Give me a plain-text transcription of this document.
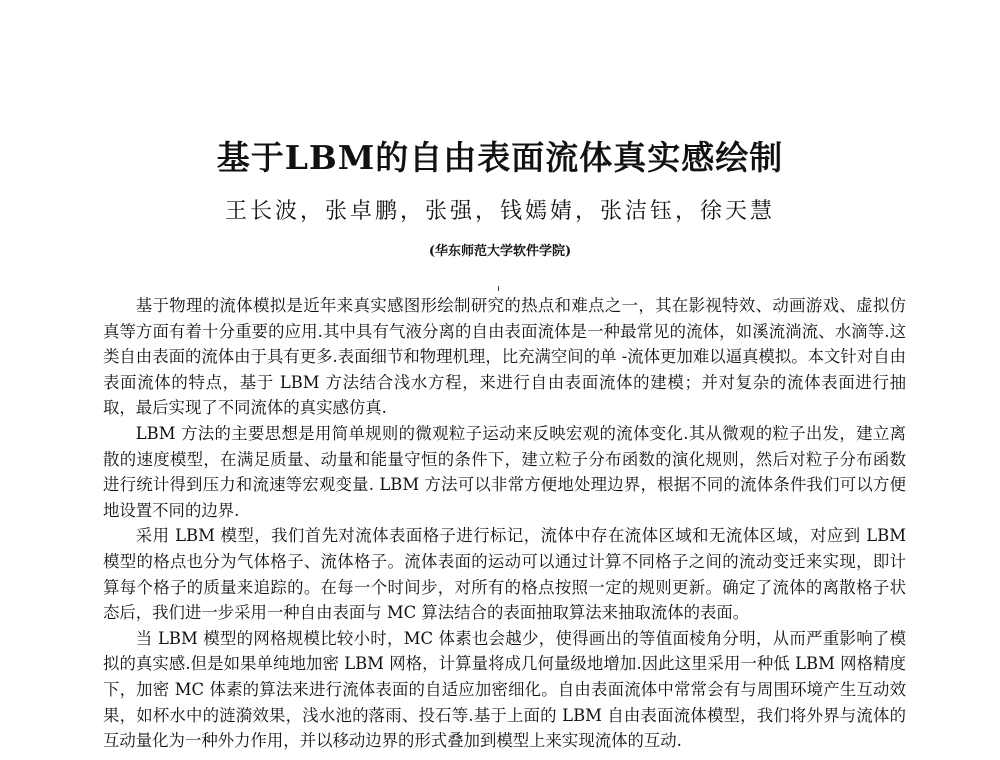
基于LBM的自由表面流体真实感绘制
王长波，张卓鹏，张强，钱嫣婧，张洁钰，徐天慧
(华东师范大学软件学院)

基于物理的流体模拟是近年来真实感图形绘制研究的热点和难点之一，其在影视特效、动画游戏、虚拟仿真等方面有着十分重要的应用.其中具有气液分离的自由表面流体是一种最常见的流体，如溪流淌流、水滴等.这类自由表面的流体由于具有更多.表面细节和物理机理，比充满空间的单 -流体更加难以逼真模拟。本文针对自由表面流体的特点，基于 LBM 方法结合浅水方程，来进行自由表面流体的建模；并对复杂的流体表面进行抽取，最后实现了不同流体的真实感仿真.

LBM 方法的主要思想是用简单规则的微观粒子运动来反映宏观的流体变化.其从微观的粒子出发，建立离散的速度模型，在满足质量、动量和能量守恒的条件下，建立粒子分布函数的演化规则，然后对粒子分布函数进行统计得到压力和流速等宏观变量. LBM 方法可以非常方便地处理边界，根据不同的流体条件我们可以方便地设置不同的边界.

采用 LBM 模型，我们首先对流体表面格子进行标记，流体中存在流体区域和无流体区域，对应到 LBM 模型的格点也分为气体格子、流体格子。流体表面的运动可以通过计算不同格子之间的流动变迁来实现，即计算每个格子的质量来追踪的。在每一个时间步，对所有的格点按照一定的规则更新。确定了流体的离散格子状态后，我们进一步采用一种自由表面与 MC 算法结合的表面抽取算法来抽取流体的表面。

当 LBM 模型的网格规模比较小时，MC 体素也会越少，使得画出的等值面棱角分明，从而严重影响了模拟的真实感.但是如果单纯地加密 LBM 网格，计算量将成几何量级地增加.因此这里采用一种低 LBM 网格精度下，加密 MC 体素的算法来进行流体表面的自适应加密细化。自由表面流体中常常会有与周围环境产生互动效果，如杯水中的涟漪效果，浅水池的落雨、投石等.基于上面的 LBM 自由表面流体模型，我们将外界与流体的互动量化为一种外力作用，并以移动边界的形式叠加到模型上来实现流体的互动.
